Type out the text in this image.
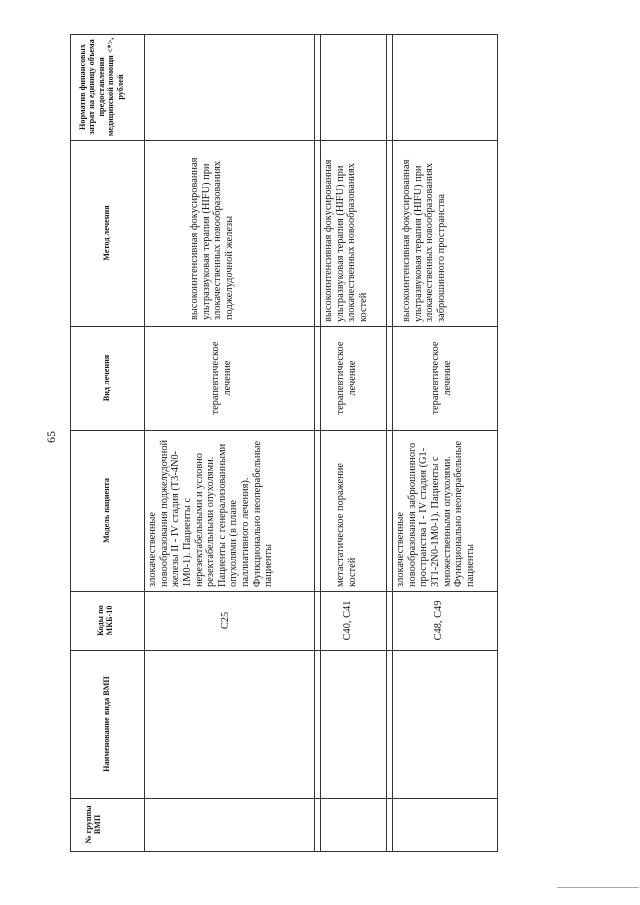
65
№ группы ВМП
Наименование вида ВМП
Коды по МКБ-10
Модель пациента
Вид лечения
Метод лечения
Норматив финансовых затрат на единицу объема предоставления медицинской помощи <*>, рублей
C25
злокачественные новообразования поджелудочной железы II - IV стадия (T3-4N0-1M0-1). Пациенты с нерезектабельными и условно резектабельными опухолями. Пациенты с генерализованными опухолями (в плане паллиативного лечения). Функционально неоперабельные пациенты
терапевтическое лечение
высокоинтенсивная фокусированная ультразвуковая терапия (HIFU) при злокачественных новообразованиях поджелудочной железы
C40, C41
метастатическое поражение костей
терапевтическое лечение
высокоинтенсивная фокусированная ультразвуковая терапия (HIFU) при злокачественных новообразованиях костей
C48, C49
злокачественные новообразования забрюшинного пространства I - IV стадия (G1-3T1-2N0-1M0-1). Пациенты с множественными опухолями. Функционально неоперабельные пациенты
терапевтическое лечение
высокоинтенсивная фокусированная ультразвуковая терапия (HIFU) при злокачественных новообразованиях забрюшинного пространства
